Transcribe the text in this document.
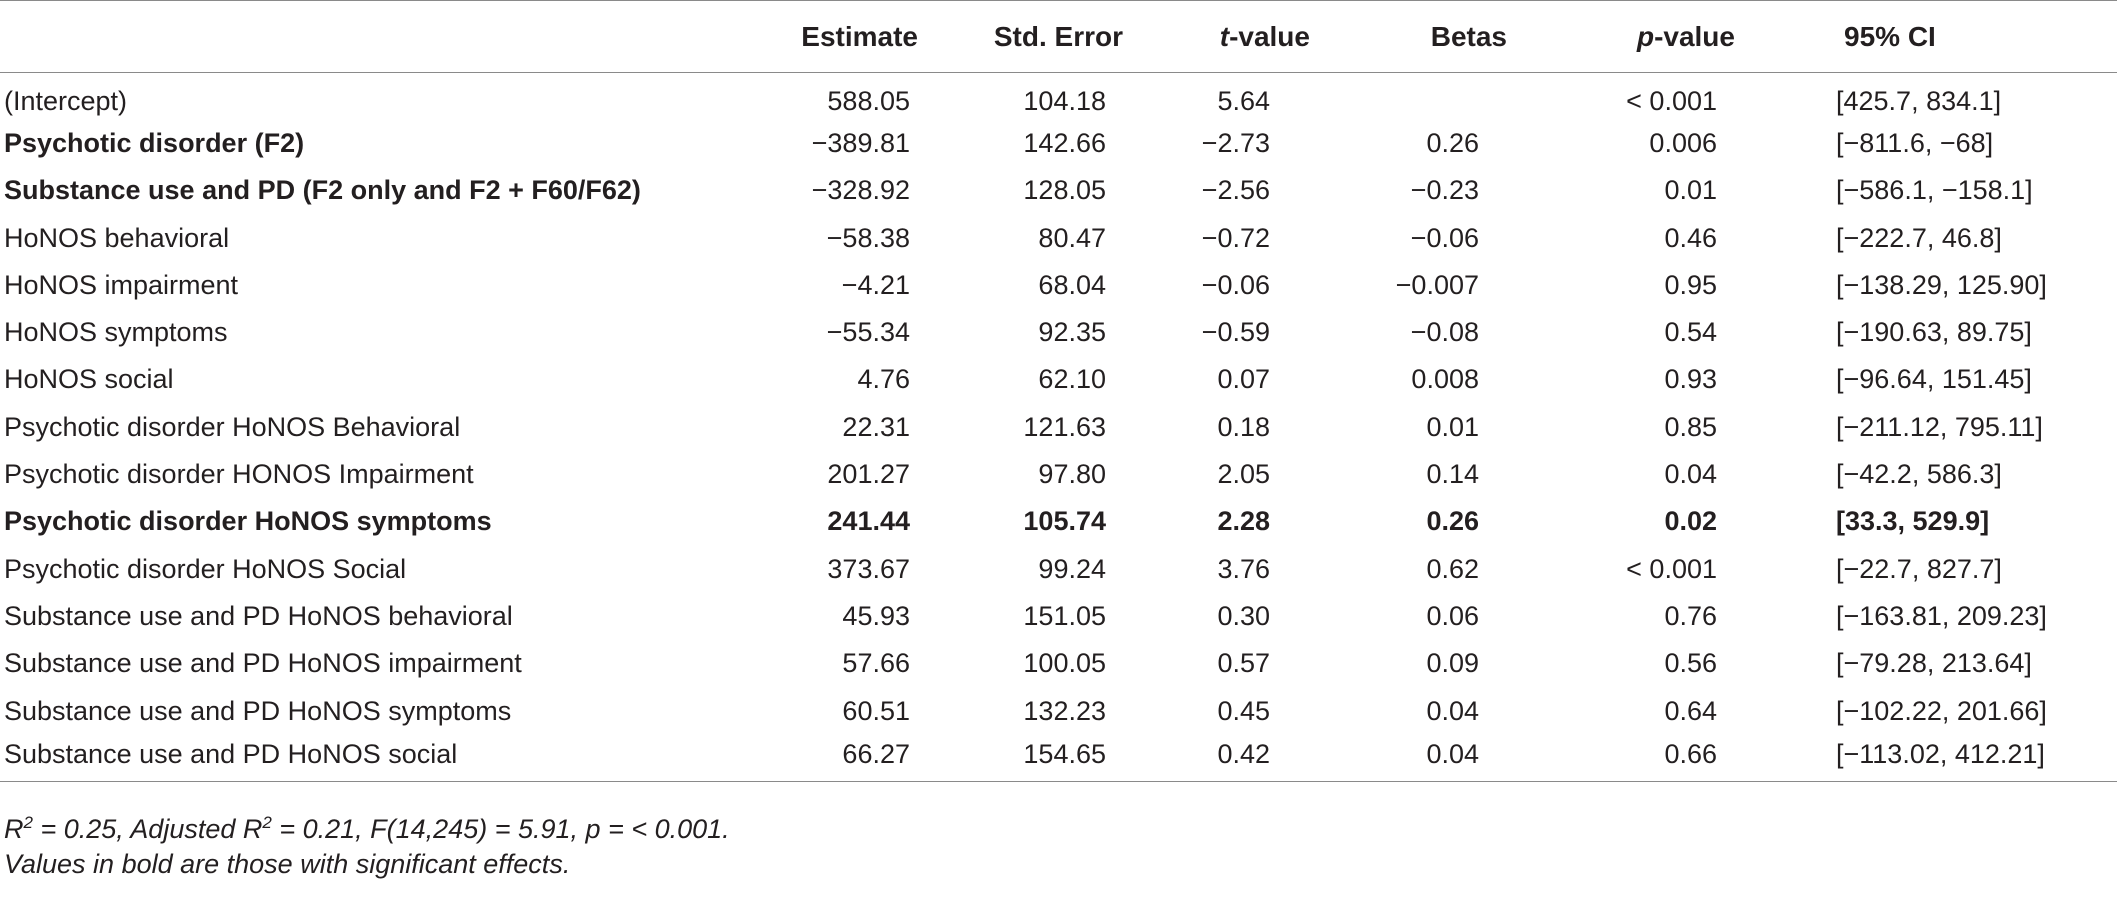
	Estimate	Std. Error	t-value	Betas	p-value	95% CI
(Intercept)	588.05	104.18	5.64		< 0.001	[425.7, 834.1]
Psychotic disorder (F2)	−389.81	142.66	−2.73	0.26	0.006	[−811.6, −68]
Substance use and PD (F2 only and F2 + F60/F62)	−328.92	128.05	−2.56	−0.23	0.01	[−586.1, −158.1]
HoNOS behavioral	−58.38	80.47	−0.72	−0.06	0.46	[−222.7, 46.8]
HoNOS impairment	−4.21	68.04	−0.06	−0.007	0.95	[−138.29, 125.90]
HoNOS symptoms	−55.34	92.35	−0.59	−0.08	0.54	[−190.63, 89.75]
HoNOS social	4.76	62.10	0.07	0.008	0.93	[−96.64, 151.45]
Psychotic disorder HoNOS Behavioral	22.31	121.63	0.18	0.01	0.85	[−211.12, 795.11]
Psychotic disorder HONOS Impairment	201.27	97.80	2.05	0.14	0.04	[−42.2, 586.3]
Psychotic disorder HoNOS symptoms	241.44	105.74	2.28	0.26	0.02	[33.3, 529.9]
Psychotic disorder HoNOS Social	373.67	99.24	3.76	0.62	< 0.001	[−22.7, 827.7]
Substance use and PD HoNOS behavioral	45.93	151.05	0.30	0.06	0.76	[−163.81, 209.23]
Substance use and PD HoNOS impairment	57.66	100.05	0.57	0.09	0.56	[−79.28, 213.64]
Substance use and PD HoNOS symptoms	60.51	132.23	0.45	0.04	0.64	[−102.22, 201.66]
Substance use and PD HoNOS social	66.27	154.65	0.42	0.04	0.66	[−113.02, 412.21]
$R^2 = 0.25$, Adjusted $R^2 = 0.21$, F(14,245) = 5.91, p = < 0.001.
Values in bold are those with significant effects.
